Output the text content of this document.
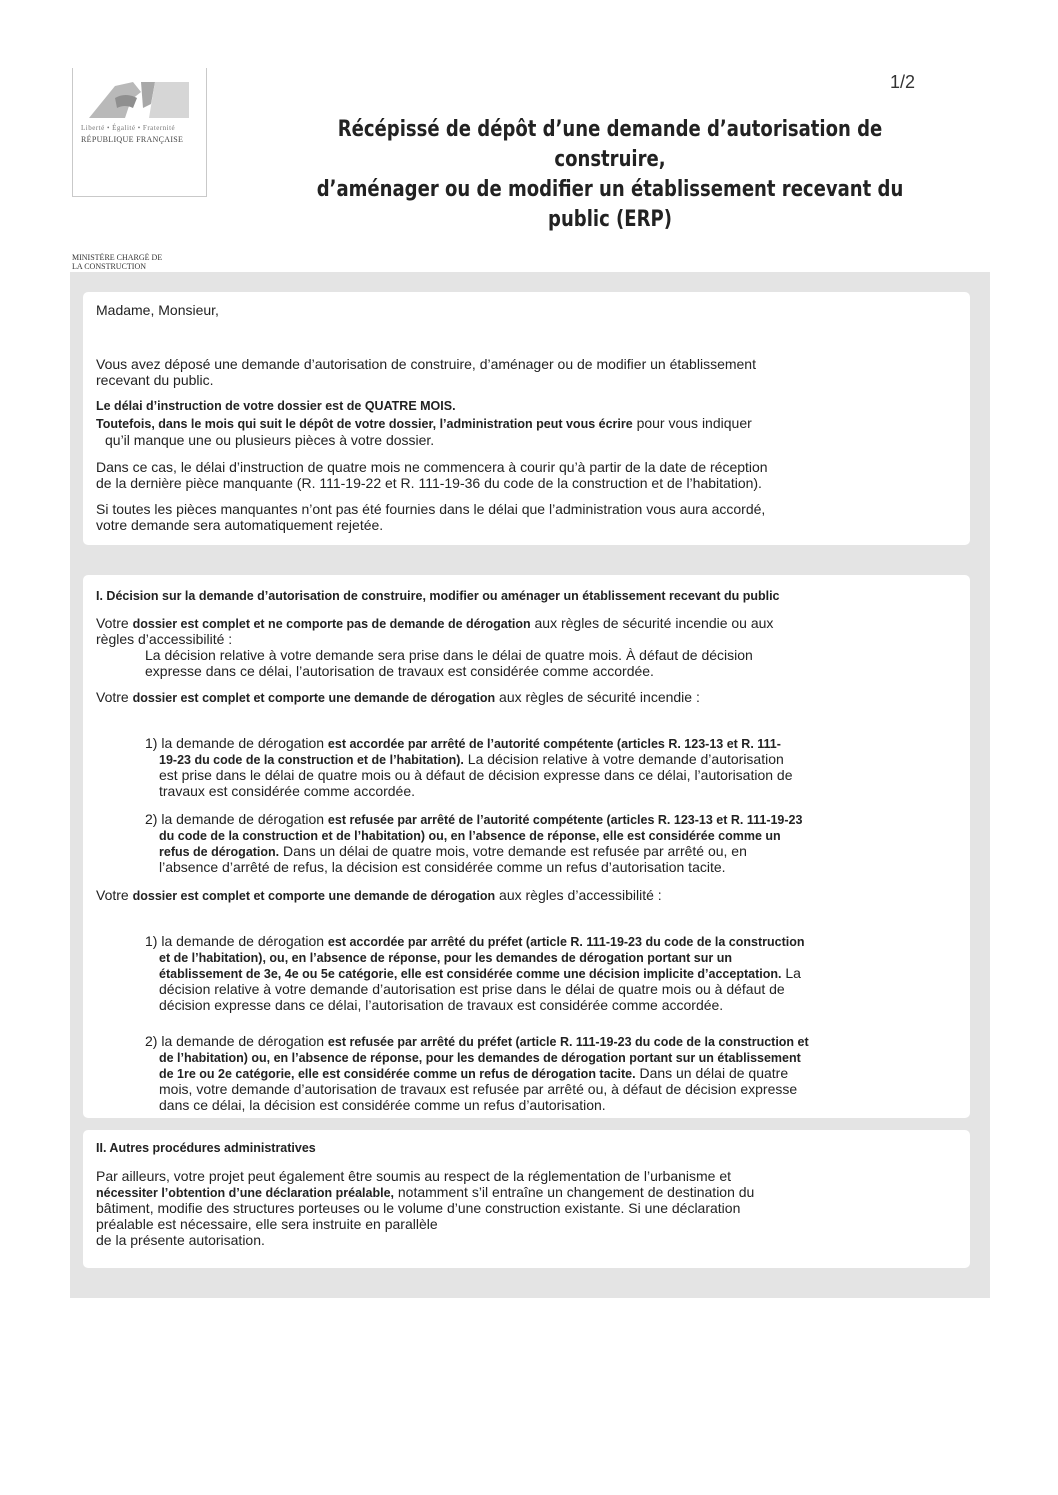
1/2
Liberté • Égalité • Fraternité
RÉPUBLIQUE FRANÇAISE	Récépissé de dépôt d’une demande d’autorisation de construire,
d’aménager ou de modifier un établissement recevant du public (ERP)
MINISTÈRE CHARGÉ DE
LA CONSTRUCTION

Madame, Monsieur,

Vous avez déposé une demande d’autorisation de construire, d’aménager ou de modifier un établissement

recevant du public.

Le délai d’instruction de votre dossier est de QUATRE MOIS.

Toutefois, dans le mois qui suit le dépôt de votre dossier, l’administration peut vous écrire pour vous indiquer

qu’il manque une ou plusieurs pièces à votre dossier.

Dans ce cas, le délai d’instruction de quatre mois ne commencera à courir qu’à partir de la date de réception

de la dernière pièce manquante (R. 111-19-22 et R. 111-19-36 du code de la construction et de l’habitation).

Si toutes les pièces manquantes n’ont pas été fournies dans le délai que l’administration vous aura accordé,

votre demande sera automatiquement rejetée.

I. Décision sur la demande d’autorisation de construire, modifier ou aménager un établissement recevant du public

Votre dossier est complet et ne comporte pas de demande de dérogation aux règles de sécurité incendie ou aux

règles d’accessibilité :

La décision relative à votre demande sera prise dans le délai de quatre mois. À défaut de décision

expresse dans ce délai, l’autorisation de travaux est considérée comme accordée.

Votre dossier est complet et comporte une demande de dérogation aux règles de sécurité incendie :

1) la demande de dérogation est accordée par arrêté de l’autorité compétente (articles R. 123-13 et R. 111-

19-23 du code de la construction et de l’habitation). La décision relative à votre demande d’autorisation

est prise dans le délai de quatre mois ou à défaut de décision expresse dans ce délai, l’autorisation de

travaux est considérée comme accordée.

2) la demande de dérogation est refusée par arrêté de l’autorité compétente (articles R. 123-13 et R. 111-19-23

du code de la construction et de l’habitation) ou, en l’absence de réponse, elle est considérée comme un

refus de dérogation. Dans un délai de quatre mois, votre demande est refusée par arrêté ou, en

l’absence d’arrêté de refus, la décision est considérée comme un refus d’autorisation tacite.

Votre dossier est complet et comporte une demande de dérogation aux règles d’accessibilité :

1) la demande de dérogation est accordée par arrêté du préfet (article R. 111-19-23 du code de la construction

et de l’habitation), ou, en l’absence de réponse, pour les demandes de dérogation portant sur un

établissement de 3e, 4e ou 5e catégorie, elle est considérée comme une décision implicite d’acceptation. La

décision relative à votre demande d’autorisation est prise dans le délai de quatre mois ou à défaut de

décision expresse dans ce délai, l’autorisation de travaux est considérée comme accordée.

2) la demande de dérogation est refusée par arrêté du préfet (article R. 111-19-23 du code de la construction et

de l’habitation) ou, en l’absence de réponse, pour les demandes de dérogation portant sur un établissement

de 1re ou 2e catégorie, elle est considérée comme un refus de dérogation tacite. Dans un délai de quatre

mois, votre demande d’autorisation de travaux est refusée par arrêté ou, à défaut de décision expresse

dans ce délai, la décision est considérée comme un refus d’autorisation.

II. Autres procédures administratives

Par ailleurs, votre projet peut également être soumis au respect de la réglementation de l’urbanisme et

nécessiter l’obtention d’une déclaration préalable, notamment s’il entraîne un changement de destination du

bâtiment, modifie des structures porteuses ou le volume d’une construction existante. Si une déclaration

préalable est nécessaire, elle sera instruite en parallèle

de la présente autorisation.
